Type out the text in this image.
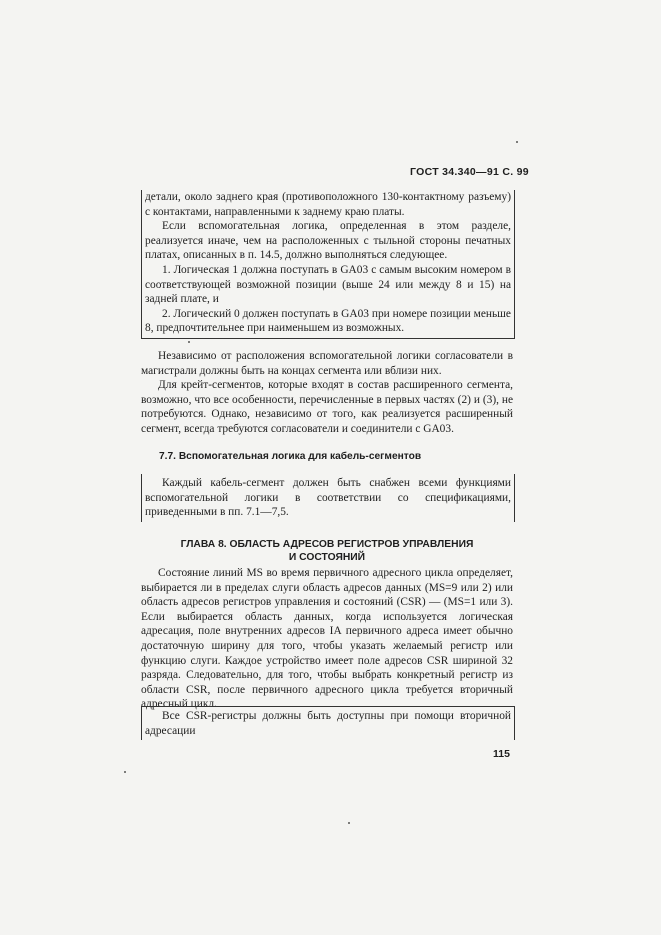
ГОСТ 34.340—91 С. 99

детали, около заднего края (противоположного 130-контактному разъему) с контактами, направленными к заднему краю платы.

Если вспомогательная логика, определенная в этом разделе, реализуется иначе, чем на расположенных с тыльной стороны печатных платах, описанных в п. 14.5, должно выполняться следующее.

1. Логическая 1 должна поступать в GA03 с самым высоким номером в соответствующей возможной позиции (выше 24 или между 8 и 15) на задней плате, и

2. Логический 0 должен поступать в GA03 при номере позиции меньше 8, предпочтительнее при наименьшем из возможных.

Независимо от расположения вспомогательной логики согласователи в магистрали должны быть на концах сегмента или вблизи них.

Для крейт-сегментов, которые входят в состав расширенного сегмента, возможно, что все особенности, перечисленные в первых частях (2) и (3), не потребуются. Однако, независимо от того, как реализуется расширенный сегмент, всегда требуются согласователи и соединители с GA03.

7.7. Вспомогательная логика для кабель-сегментов

Каждый кабель-сегмент должен быть снабжен всеми функциями вспомогательной логики в соответствии со спецификациями, приведенными в пп. 7.1—7,5.

ГЛАВА 8. ОБЛАСТЬ АДРЕСОВ РЕГИСТРОВ УПРАВЛЕНИЯ
И СОСТОЯНИЙ

Состояние линий MS во время первичного адресного цикла определяет, выбирается ли в пределах слуги область адресов данных (MS=9 или 2) или область адресов регистров управления и состояний (CSR) — (MS=1 или 3). Если выбирается область данных, когда используется логическая адресация, поле внутренних адресов IA первичного адреса имеет обычно достаточную ширину для того, чтобы указать желаемый регистр или функцию слуги. Каждое устройство имеет поле адресов CSR шириной 32 разряда. Следовательно, для того, чтобы выбрать конкретный регистр из области CSR, после первичного адресного цикла требуется вторичный адресный цикл.

Все CSR-регистры должны быть доступны при помощи вторичной адресации

115
